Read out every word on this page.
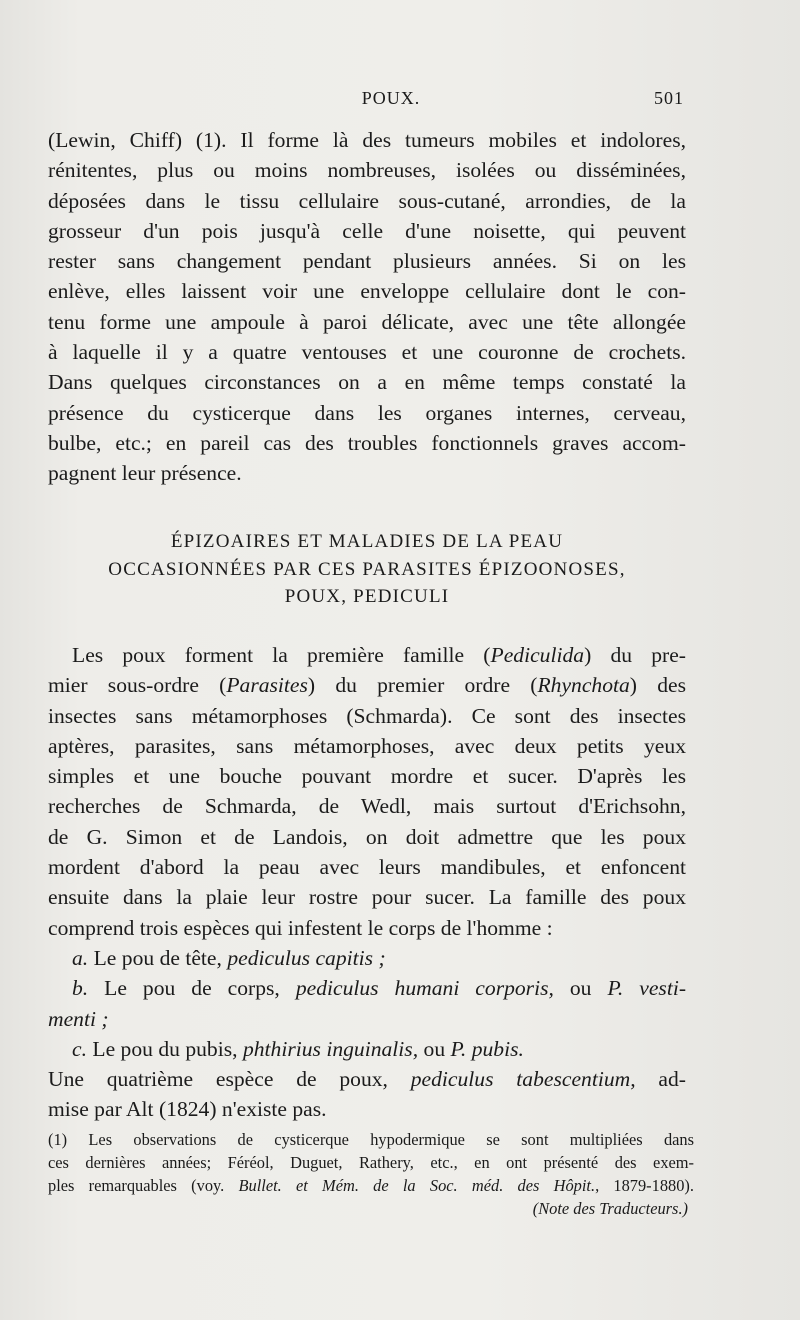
POUX.	501
(Lewin, Chiff) (1). Il forme là des tumeurs mobiles et indolores,
rénitentes, plus ou moins nombreuses, isolées ou disséminées,
déposées dans le tissu cellulaire sous-cutané, arrondies, de la
grosseur d'un pois jusqu'à celle d'une noisette, qui peuvent
rester sans changement pendant plusieurs années. Si on les
enlève, elles laissent voir une enveloppe cellulaire dont le con-
tenu forme une ampoule à paroi délicate, avec une tête allongée
à laquelle il y a quatre ventouses et une couronne de crochets.
Dans quelques circonstances on a en même temps constaté la
présence du cysticerque dans les organes internes, cerveau,
bulbe, etc.; en pareil cas des troubles fonctionnels graves accom-
pagnent leur présence.
ÉPIZOAIRES ET MALADIES DE LA PEAU
OCCASIONNÉES PAR CES PARASITES ÉPIZOONOSES,
POUX, PEDICULI
Les poux forment la première famille (Pediculida) du pre-
mier sous-ordre (Parasites) du premier ordre (Rhynchota) des
insectes sans métamorphoses (Schmarda). Ce sont des insectes
aptères, parasites, sans métamorphoses, avec deux petits yeux
simples et une bouche pouvant mordre et sucer. D'après les
recherches de Schmarda, de Wedl, mais surtout d'Erichsohn,
de G. Simon et de Landois, on doit admettre que les poux
mordent d'abord la peau avec leurs mandibules, et enfoncent
ensuite dans la plaie leur rostre pour sucer. La famille des poux
comprend trois espèces qui infestent le corps de l'homme :
a. Le pou de tête, pediculus capitis ;
b. Le pou de corps, pediculus humani corporis, ou P. vesti-
menti ;
c. Le pou du pubis, phthirius inguinalis, ou P. pubis.
Une quatrième espèce de poux, pediculus tabescentium, ad-
mise par Alt (1824) n'existe pas.
(1) Les observations de cysticerque hypodermique se sont multipliées dans
ces dernières années; Féréol, Duguet, Rathery, etc., en ont présenté des exem-
ples remarquables (voy. Bullet. et Mém. de la Soc. méd. des Hôpit., 1879-1880).
(Note des Traducteurs.)
